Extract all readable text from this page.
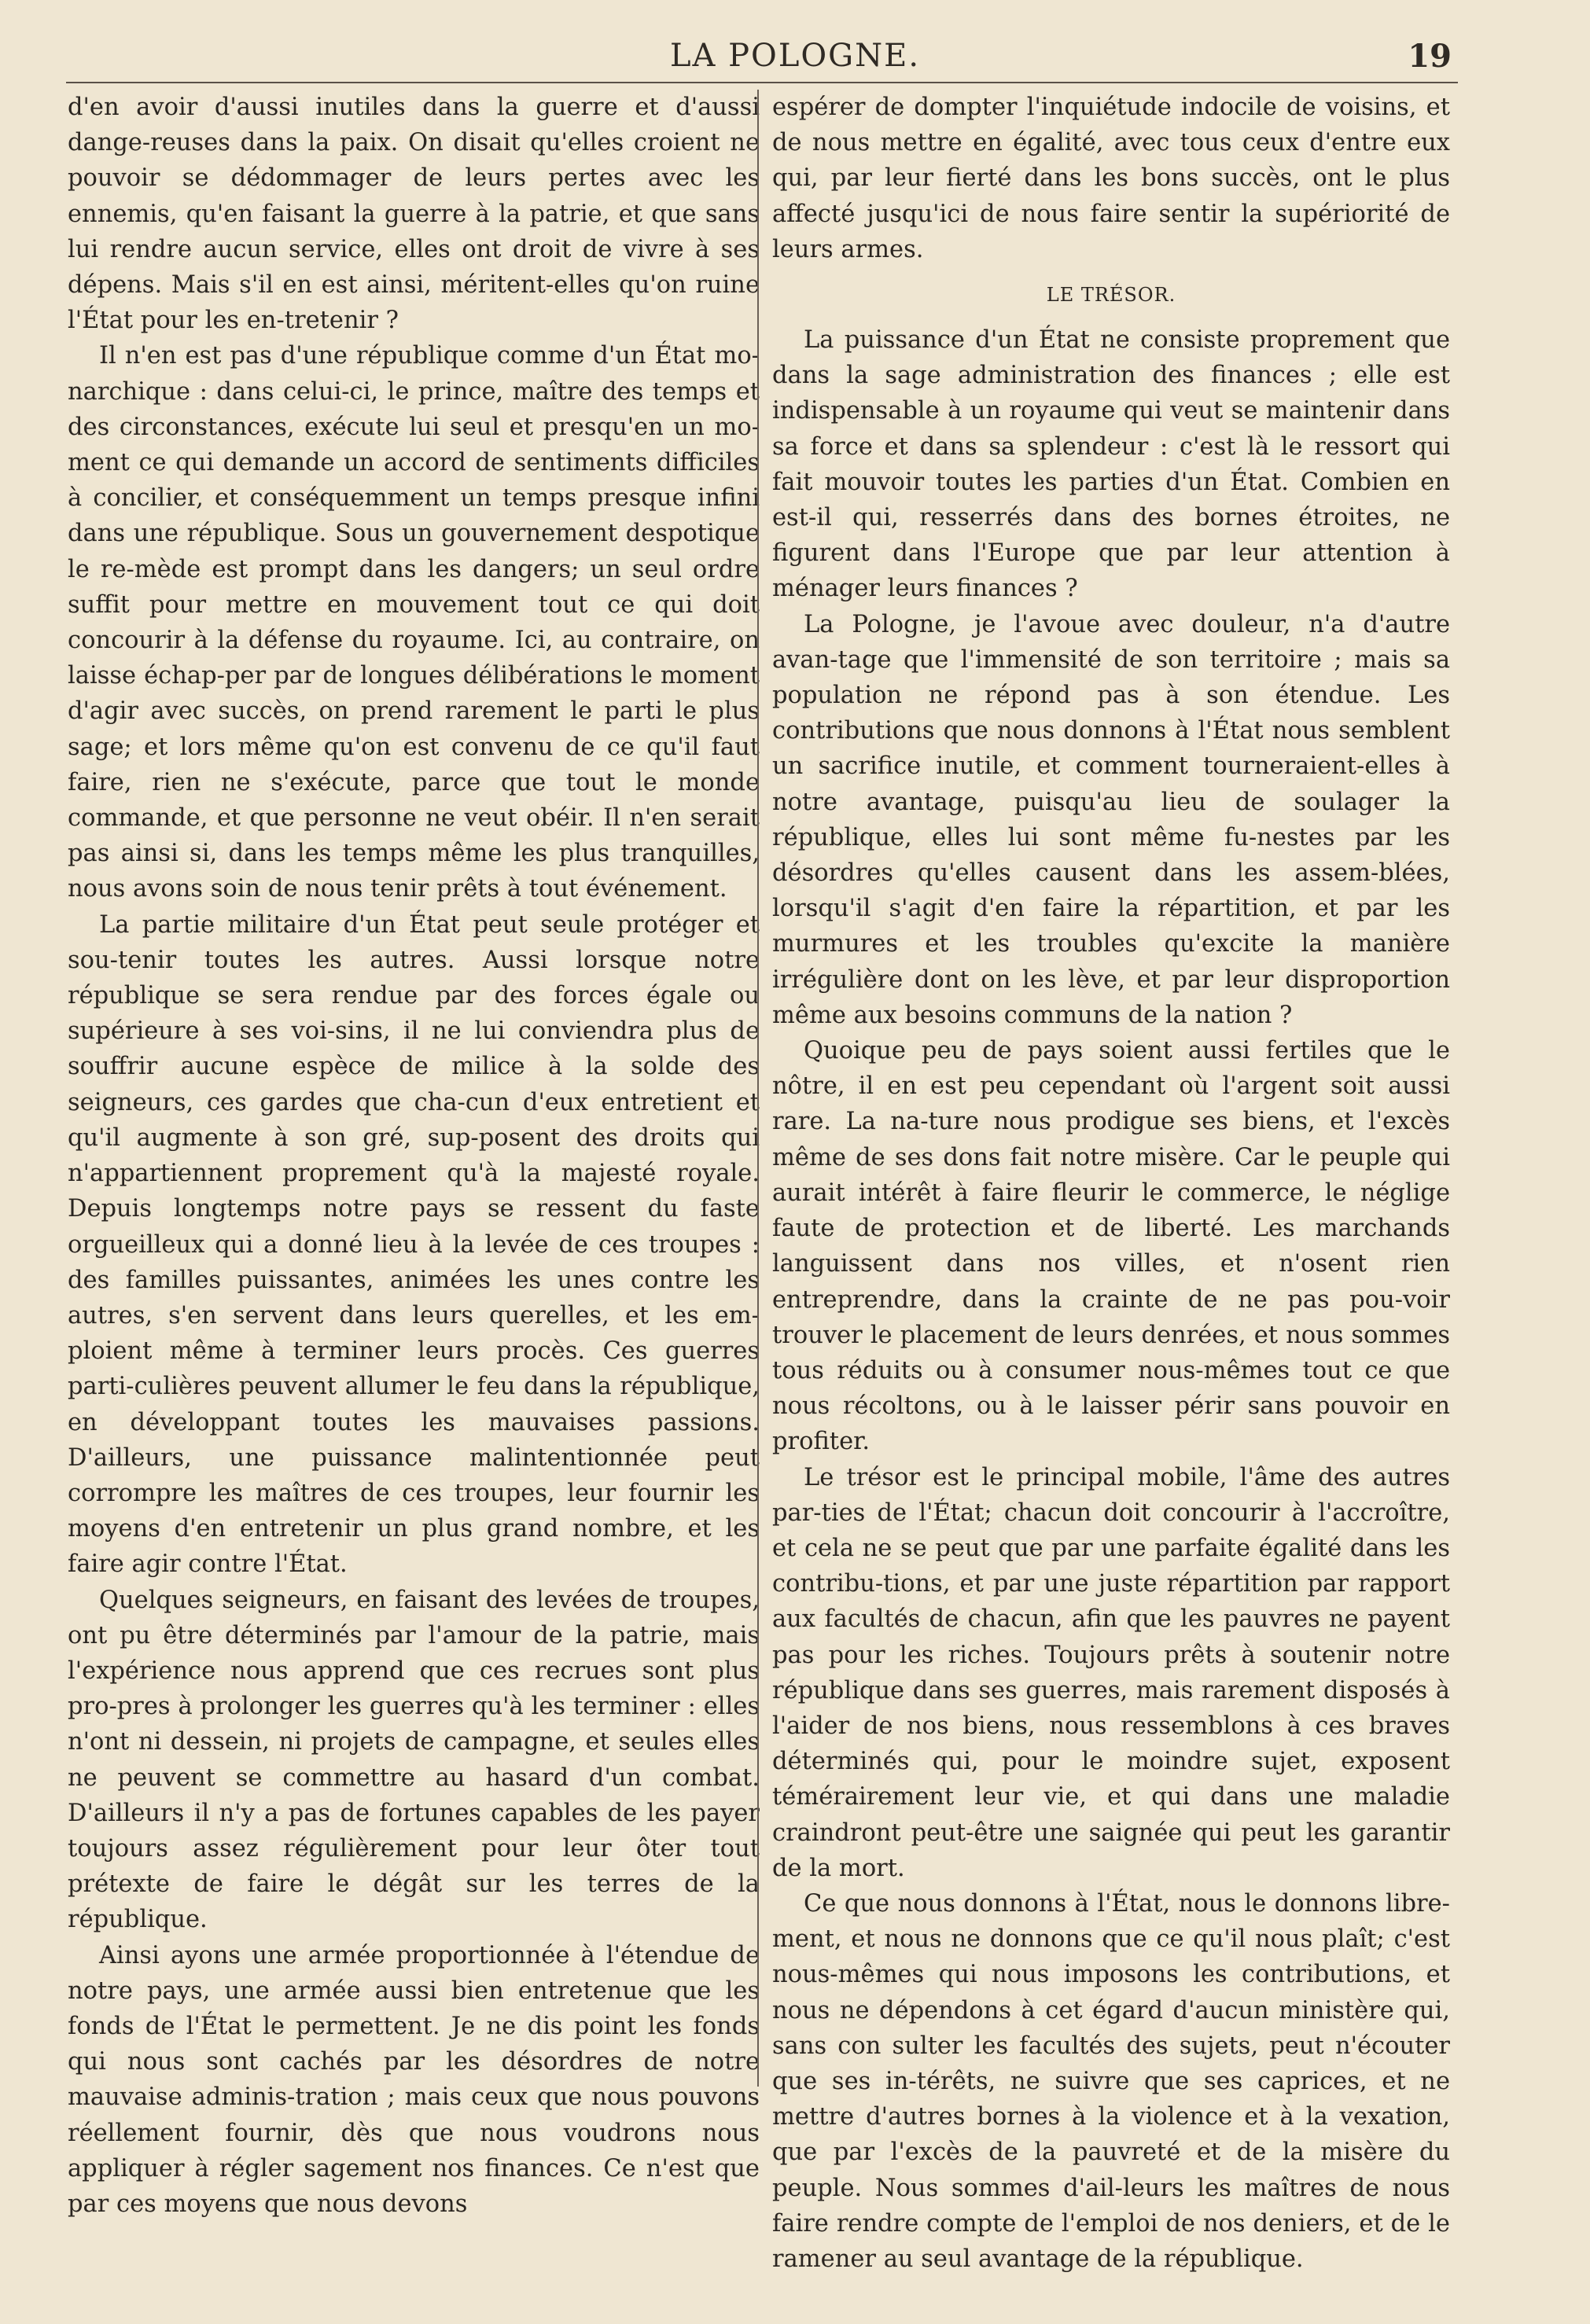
LA POLOGNE.	19

d'en avoir d'aussi inutiles dans la guerre et d'aussi dange-reuses dans la paix. On disait qu'elles croient ne pouvoir se dédommager de leurs pertes avec les ennemis, qu'en faisant la guerre à la patrie, et que sans lui rendre aucun service, elles ont droit de vivre à ses dépens. Mais s'il en est ainsi, méritent-elles qu'on ruine l'État pour les en-tretenir ?

Il n'en est pas d'une république comme d'un État mo-narchique : dans celui-ci, le prince, maître des temps et des circonstances, exécute lui seul et presqu'en un mo-ment ce qui demande un accord de sentiments difficiles à concilier, et conséquemment un temps presque infini dans une république. Sous un gouvernement despotique le re-mède est prompt dans les dangers; un seul ordre suffit pour mettre en mouvement tout ce qui doit concourir à la défense du royaume. Ici, au contraire, on laisse échap-per par de longues délibérations le moment d'agir avec succès, on prend rarement le parti le plus sage; et lors même qu'on est convenu de ce qu'il faut faire, rien ne s'exécute, parce que tout le monde commande, et que personne ne veut obéir. Il n'en serait pas ainsi si, dans les temps même les plus tranquilles, nous avons soin de nous tenir prêts à tout événement.

La partie militaire d'un État peut seule protéger et sou-tenir toutes les autres. Aussi lorsque notre république se sera rendue par des forces égale ou supérieure à ses voi-sins, il ne lui conviendra plus de souffrir aucune espèce de milice à la solde des seigneurs, ces gardes que cha-cun d'eux entretient et qu'il augmente à son gré, sup-posent des droits qui n'appartiennent proprement qu'à la majesté royale. Depuis longtemps notre pays se ressent du faste orgueilleux qui a donné lieu à la levée de ces troupes : des familles puissantes, animées les unes contre les autres, s'en servent dans leurs querelles, et les em-ploient même à terminer leurs procès. Ces guerres parti-culières peuvent allumer le feu dans la république, en développant toutes les mauvaises passions. D'ailleurs, une puissance malintentionnée peut corrompre les maîtres de ces troupes, leur fournir les moyens d'en entretenir un plus grand nombre, et les faire agir contre l'État.

Quelques seigneurs, en faisant des levées de troupes, ont pu être déterminés par l'amour de la patrie, mais l'expérience nous apprend que ces recrues sont plus pro-pres à prolonger les guerres qu'à les terminer : elles n'ont ni dessein, ni projets de campagne, et seules elles ne peuvent se commettre au hasard d'un combat. D'ailleurs il n'y a pas de fortunes capables de les payer toujours assez régulièrement pour leur ôter tout prétexte de faire le dégât sur les terres de la république.

Ainsi ayons une armée proportionnée à l'étendue de notre pays, une armée aussi bien entretenue que les fonds de l'État le permettent. Je ne dis point les fonds qui nous sont cachés par les désordres de notre mauvaise adminis-tration ; mais ceux que nous pouvons réellement fournir, dès que nous voudrons nous appliquer à régler sagement nos finances. Ce n'est que par ces moyens que nous devons

espérer de dompter l'inquiétude indocile de voisins, et de nous mettre en égalité, avec tous ceux d'entre eux qui, par leur fierté dans les bons succès, ont le plus affecté jusqu'ici de nous faire sentir la supériorité de leurs armes.

LE TRÉSOR.

La puissance d'un État ne consiste proprement que dans la sage administration des finances ; elle est indispensable à un royaume qui veut se maintenir dans sa force et dans sa splendeur : c'est là le ressort qui fait mouvoir toutes les parties d'un État. Combien en est-il qui, resserrés dans des bornes étroites, ne figurent dans l'Europe que par leur attention à ménager leurs finances ?

La Pologne, je l'avoue avec douleur, n'a d'autre avan-tage que l'immensité de son territoire ; mais sa population ne répond pas à son étendue. Les contributions que nous donnons à l'État nous semblent un sacrifice inutile, et comment tourneraient-elles à notre avantage, puisqu'au lieu de soulager la république, elles lui sont même fu-nestes par les désordres qu'elles causent dans les assem-blées, lorsqu'il s'agit d'en faire la répartition, et par les murmures et les troubles qu'excite la manière irrégulière dont on les lève, et par leur disproportion même aux besoins communs de la nation ?

Quoique peu de pays soient aussi fertiles que le nôtre, il en est peu cependant où l'argent soit aussi rare. La na-ture nous prodigue ses biens, et l'excès même de ses dons fait notre misère. Car le peuple qui aurait intérêt à faire fleurir le commerce, le néglige faute de protection et de liberté. Les marchands languissent dans nos villes, et n'osent rien entreprendre, dans la crainte de ne pas pou-voir trouver le placement de leurs denrées, et nous sommes tous réduits ou à consumer nous-mêmes tout ce que nous récoltons, ou à le laisser périr sans pouvoir en profiter.

Le trésor est le principal mobile, l'âme des autres par-ties de l'État; chacun doit concourir à l'accroître, et cela ne se peut que par une parfaite égalité dans les contribu-tions, et par une juste répartition par rapport aux facultés de chacun, afin que les pauvres ne payent pas pour les riches. Toujours prêts à soutenir notre république dans ses guerres, mais rarement disposés à l'aider de nos biens, nous ressemblons à ces braves déterminés qui, pour le moindre sujet, exposent témérairement leur vie, et qui dans une maladie craindront peut-être une saignée qui peut les garantir de la mort.

Ce que nous donnons à l'État, nous le donnons libre-ment, et nous ne donnons que ce qu'il nous plaît; c'est nous-mêmes qui nous imposons les contributions, et nous ne dépendons à cet égard d'aucun ministère qui, sans con sulter les facultés des sujets, peut n'écouter que ses in-térêts, ne suivre que ses caprices, et ne mettre d'autres bornes à la violence et à la vexation, que par l'excès de la pauvreté et de la misère du peuple. Nous sommes d'ail-leurs les maîtres de nous faire rendre compte de l'emploi de nos deniers, et de le ramener au seul avantage de la république.
